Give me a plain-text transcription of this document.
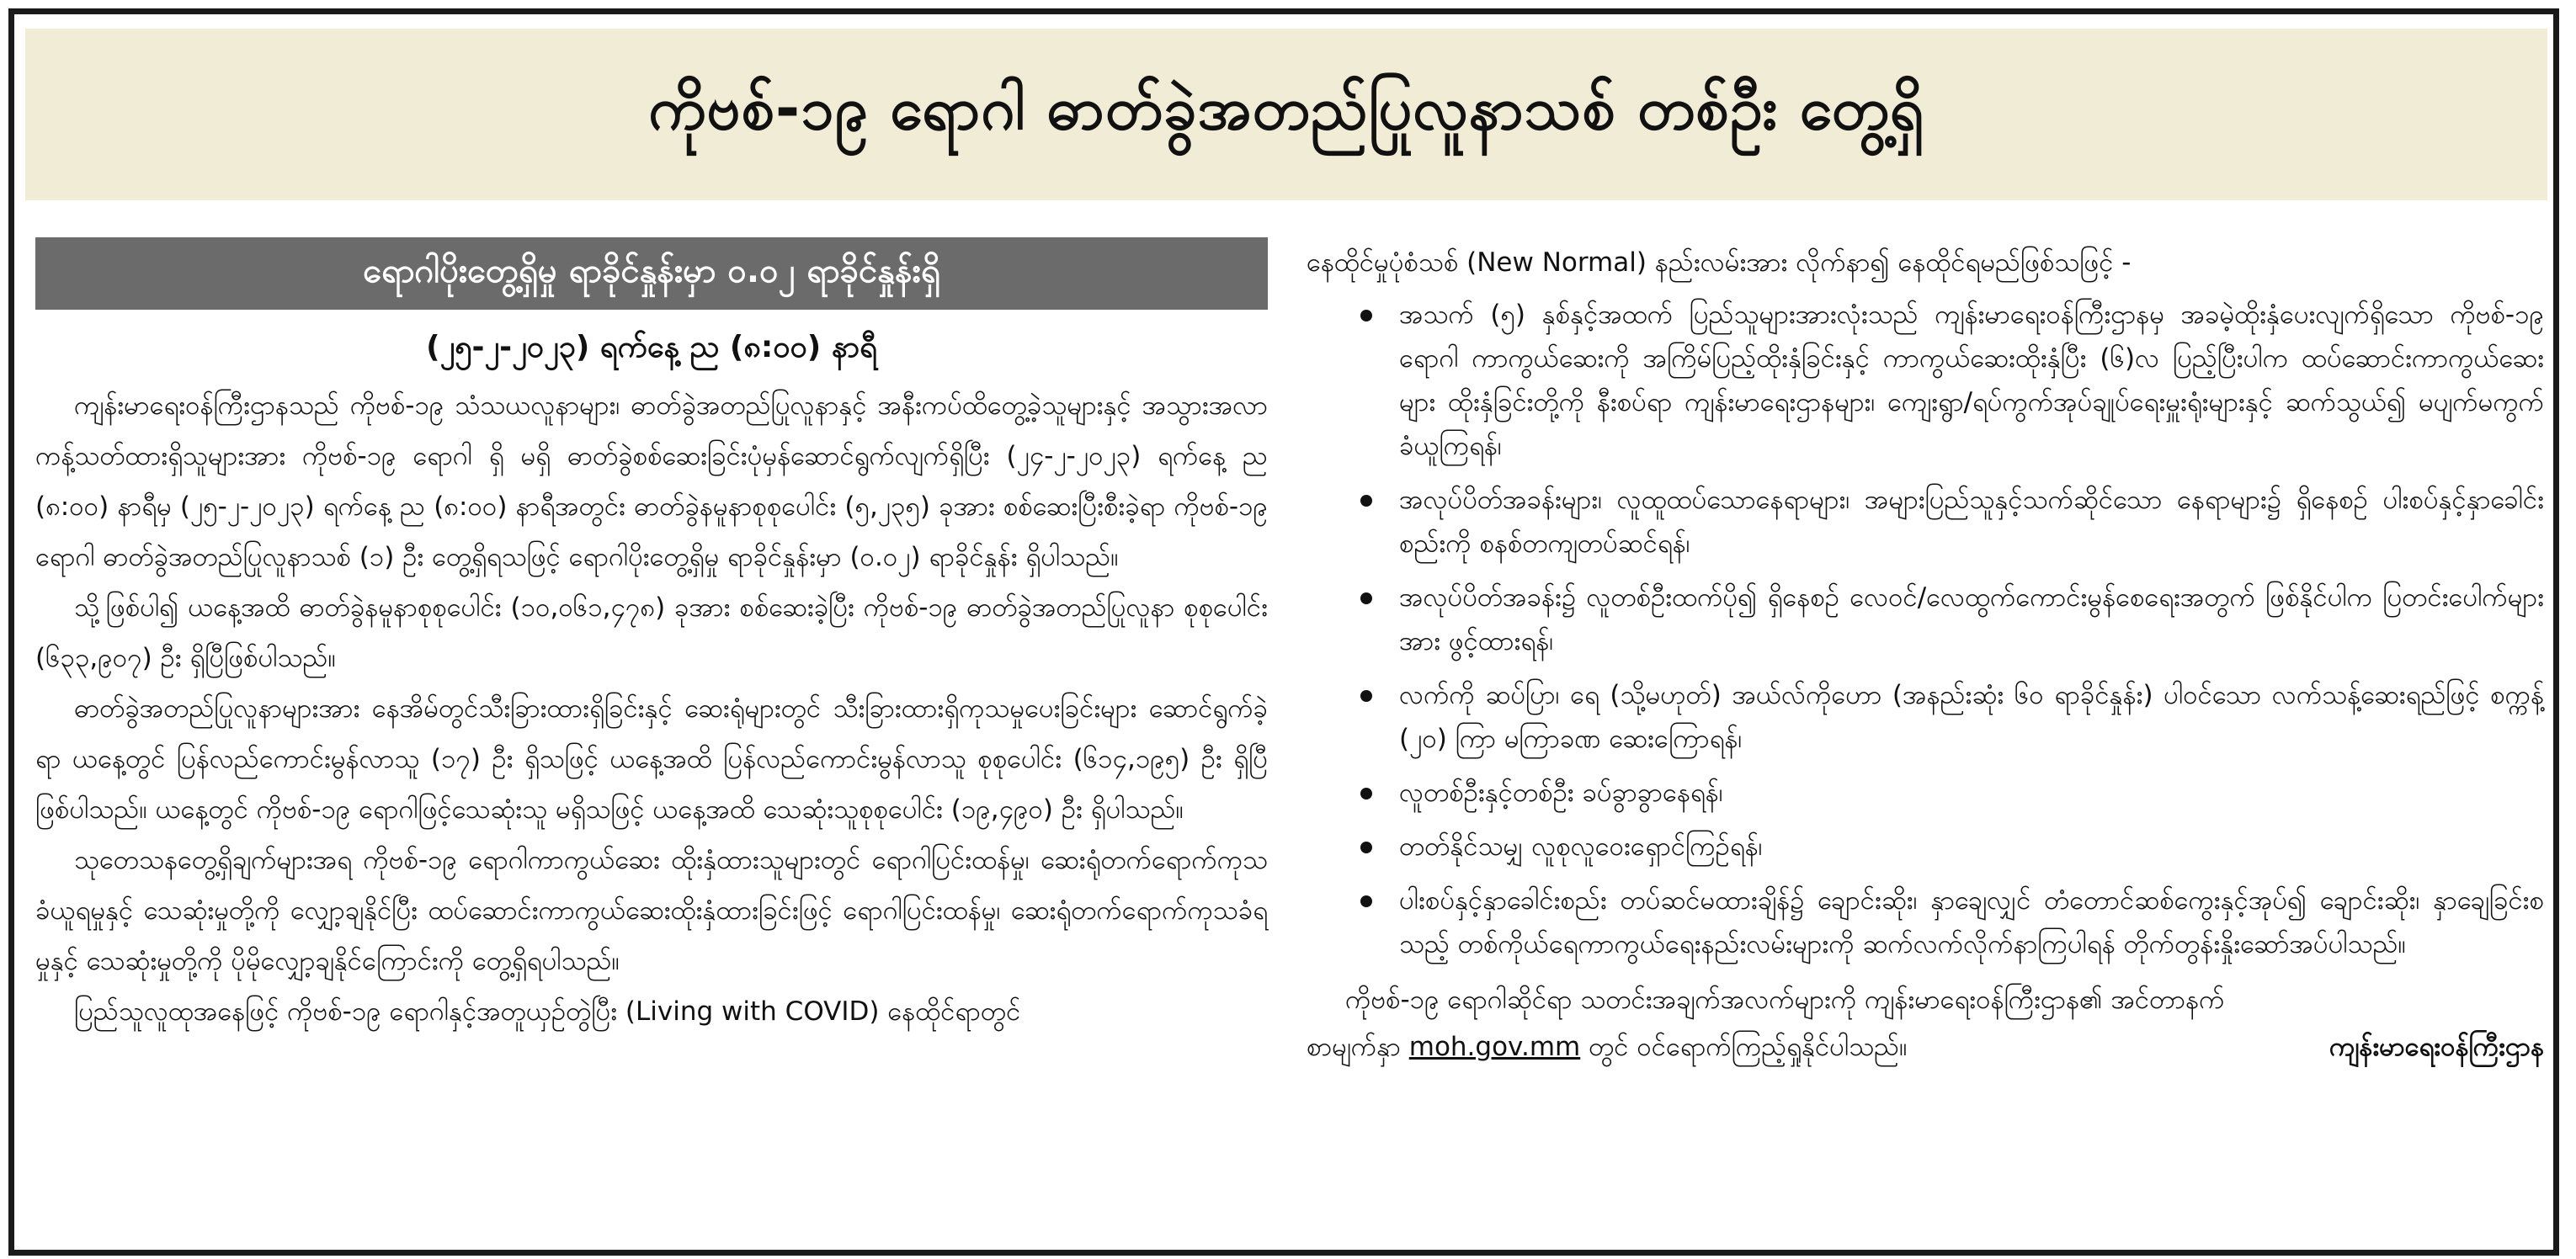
ကိုဗစ်-၁၉ ရောဂါ ဓာတ်ခွဲအတည်ပြုလူနာသစ် တစ်ဦး တွေ့ရှိ
ရောဂါပိုးတွေ့ရှိမှု ရာခိုင်နှုန်းမှာ ၀.၀၂ ရာခိုင်နှုန်းရှိ
(၂၅-၂-၂၀၂၃) ရက်နေ့ ည (၈:၀၀) နာရီ

ကျန်းမာရေးဝန်ကြီးဌာနသည် ကိုဗစ်-၁၉ သံသယလူနာများ၊ ဓာတ်ခွဲအတည်ပြုလူနာနှင့် အနီးကပ်ထိတွေ့ခဲ့သူများနှင့် အသွားအလာကန့်သတ်ထားရှိသူများအား ကိုဗစ်-၁၉ ရောဂါ ရှိ မရှိ ဓာတ်ခွဲစစ်ဆေးခြင်းပုံမှန်ဆောင်ရွက်လျက်ရှိပြီး (၂၄-၂-၂၀၂၃) ရက်နေ့ ည (၈:၀၀) နာရီမှ (၂၅-၂-၂၀၂၃) ရက်နေ့ ည (၈:၀၀) နာရီအတွင်း ဓာတ်ခွဲနမူနာစုစုပေါင်း (၅,၂၃၅) ခုအား စစ်ဆေးပြီးစီးခဲ့ရာ ကိုဗစ်-၁၉ ရောဂါ ဓာတ်ခွဲအတည်ပြုလူနာသစ် (၁) ဦး တွေ့ရှိရသဖြင့် ရောဂါပိုးတွေ့ရှိမှု ရာခိုင်နှုန်းမှာ (၀.၀၂) ရာခိုင်နှုန်း ရှိပါသည်။

သို့ဖြစ်ပါ၍ ယနေ့အထိ ဓာတ်ခွဲနမူနာစုစုပေါင်း (၁၀,၀၆၁,၄၇၈) ခုအား စစ်ဆေးခဲ့ပြီး ကိုဗစ်-၁၉ ဓာတ်ခွဲအတည်ပြုလူနာ စုစုပေါင်း (၆၃၃,၉၀၇) ဦး ရှိပြီဖြစ်ပါသည်။

ဓာတ်ခွဲအတည်ပြုလူနာများအား နေအိမ်တွင်သီးခြားထားရှိခြင်းနှင့် ဆေးရုံများတွင် သီးခြားထားရှိကုသမှုပေးခြင်းများ ဆောင်ရွက်ခဲ့ရာ ယနေ့တွင် ပြန်လည်ကောင်းမွန်လာသူ (၁၇) ဦး ရှိသဖြင့် ယနေ့အထိ ပြန်လည်ကောင်းမွန်လာသူ စုစုပေါင်း (၆၁၄,၁၉၅) ဦး ရှိပြီဖြစ်ပါသည်။ ယနေ့တွင် ကိုဗစ်-၁၉ ရောဂါဖြင့်သေဆုံးသူ မရှိသဖြင့် ယနေ့အထိ သေဆုံးသူစုစုပေါင်း (၁၉,၄၉၀) ဦး ရှိပါသည်။

သုတေသနတွေ့ရှိချက်များအရ ကိုဗစ်-၁၉ ရောဂါကာကွယ်ဆေး ထိုးနှံထားသူများတွင် ရောဂါပြင်းထန်မှု၊ ဆေးရုံတက်ရောက်ကုသခံယူရမှုနှင့် သေဆုံးမှုတို့ကို လျှော့ချနိုင်ပြီး ထပ်ဆောင်းကာကွယ်ဆေးထိုးနှံထားခြင်းဖြင့် ရောဂါပြင်းထန်မှု၊ ဆေးရုံတက်ရောက်ကုသခံရမှုနှင့် သေဆုံးမှုတို့ကို ပိုမိုလျှော့ချနိုင်ကြောင်းကို တွေ့ရှိရပါသည်။

ပြည်သူလူထုအနေဖြင့် ကိုဗစ်-၁၉ ရောဂါနှင့်အတူယှဉ်တွဲပြီး (Living with COVID) နေထိုင်ရာတွင်

နေထိုင်မှုပုံစံသစ် (New Normal) နည်းလမ်းအား လိုက်နာ၍ နေထိုင်ရမည်ဖြစ်သဖြင့် -

အသက် (၅) နှစ်နှင့်အထက် ပြည်သူများအားလုံးသည် ကျန်းမာရေးဝန်ကြီးဌာနမှ အခမဲ့ထိုးနှံပေးလျက်ရှိသော ကိုဗစ်-၁၉ ရောဂါ ကာကွယ်ဆေးကို အကြိမ်ပြည့်ထိုးနှံခြင်းနှင့် ကာကွယ်ဆေးထိုးနှံပြီး (၆)လ ပြည့်ပြီးပါက ထပ်ဆောင်းကာကွယ်ဆေးများ ထိုးနှံခြင်းတို့ကို နီးစပ်ရာ ကျန်းမာရေးဌာနများ၊ ကျေးရွာ/ရပ်ကွက်အုပ်ချုပ်ရေးမှူးရုံးများနှင့် ဆက်သွယ်၍ မပျက်မကွက် ခံယူကြရန်၊
အလုပ်ပိတ်အခန်းများ၊ လူထူထပ်သောနေရာများ၊ အများပြည်သူနှင့်သက်ဆိုင်သော နေရာများ၌ ရှိနေစဉ် ပါးစပ်နှင့်နှာခေါင်းစည်းကို စနစ်တကျတပ်ဆင်ရန်၊
အလုပ်ပိတ်အခန်း၌ လူတစ်ဦးထက်ပို၍ ရှိနေစဉ် လေဝင်/လေထွက်ကောင်းမွန်စေရေးအတွက် ဖြစ်နိုင်ပါက ပြတင်းပေါက်များအား ဖွင့်ထားရန်၊
လက်ကို ဆပ်ပြာ၊ ရေ (သို့မဟုတ်) အယ်လ်ကိုဟော (အနည်းဆုံး ၆၀ ရာခိုင်နှုန်း) ပါဝင်သော လက်သန့်ဆေးရည်ဖြင့် စက္ကန့် (၂၀) ကြာ မကြာခဏ ဆေးကြောရန်၊
လူတစ်ဦးနှင့်တစ်ဦး ခပ်ခွာခွာနေရန်၊
တတ်နိုင်သမျှ လူစုလူဝေးရှောင်ကြဉ်ရန်၊
ပါးစပ်နှင့်နှာခေါင်းစည်း တပ်ဆင်မထားချိန်၌ ချောင်းဆိုး၊ နှာချေလျှင် တံတောင်ဆစ်ကွေးနှင့်အုပ်၍ ချောင်းဆိုး၊ နှာချေခြင်းစသည့် တစ်ကိုယ်ရေကာကွယ်ရေးနည်းလမ်းများကို ဆက်လက်လိုက်နာကြပါရန် တိုက်တွန်းနှိုးဆော်အပ်ပါသည်။
ကိုဗစ်-၁၉ ရောဂါဆိုင်ရာ သတင်းအချက်အလက်များကို ကျန်းမာရေးဝန်ကြီးဌာန၏ အင်တာနက်
စာမျက်နှာ moh.gov.mm တွင် ဝင်ရောက်ကြည့်ရှုနိုင်ပါသည်။	ကျန်းမာရေးဝန်ကြီးဌာန
